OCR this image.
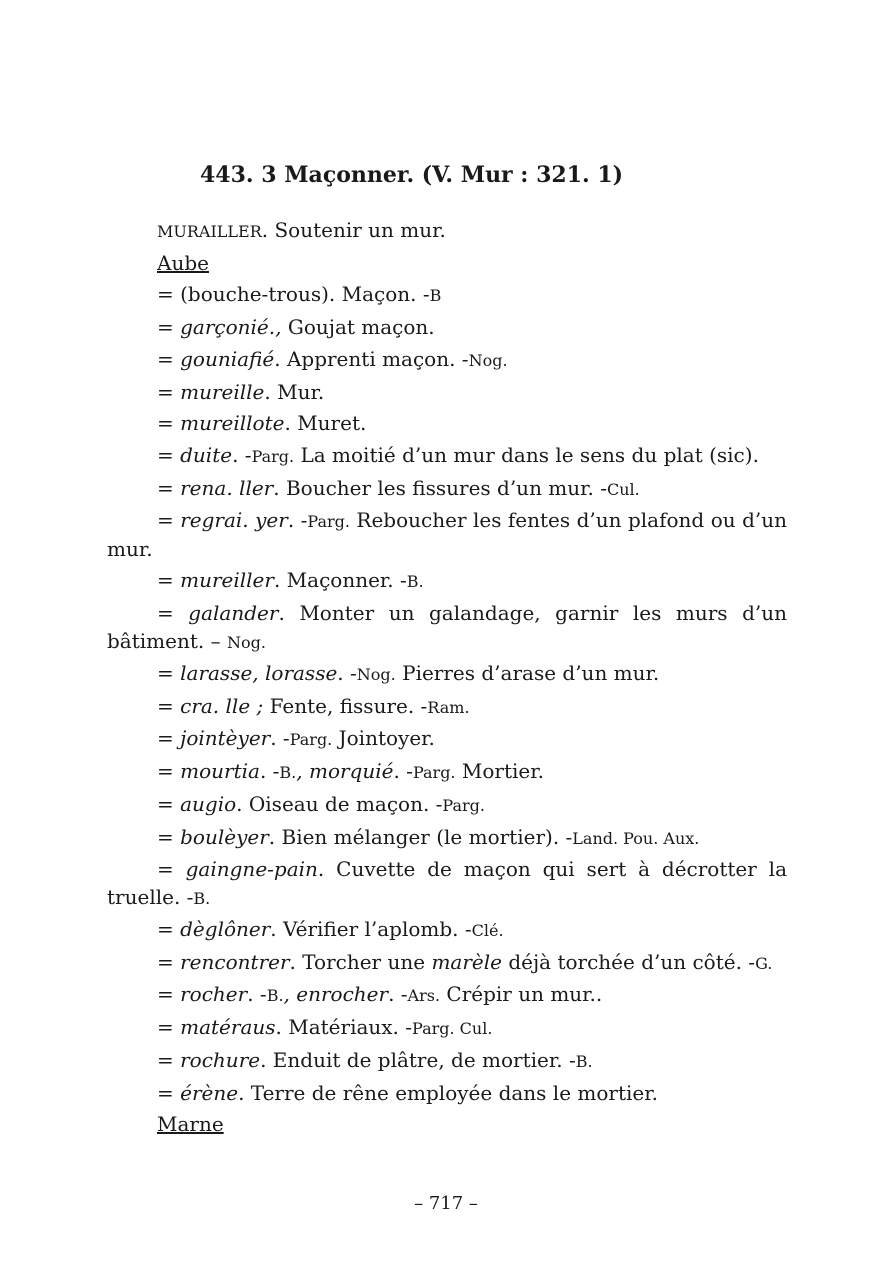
443. 3 Maçonner. (V. Mur : 321. 1)
MURAILLER. Soutenir un mur.
Aube
= (bouche-trous). Maçon. -B
= garçonié., Goujat maçon.
= gouniafié. Apprenti maçon. -Nog.
= mureille. Mur.
= mureillote. Muret.
= duite. -Parg. La moitié d’un mur dans le sens du plat (sic).
= rena. ller. Boucher les fissures d’un mur. -Cul.
= regrai. yer. -Parg. Reboucher les fentes d’un plafond ou d’un mur.
= mureiller. Maçonner. -B.
= galander. Monter un galandage, garnir les murs d’un bâtiment. – Nog.
= larasse, lorasse. -Nog. Pierres d’arase d’un mur.
= cra. lle ; Fente, fissure. -Ram.
= jointèyer. -Parg. Jointoyer.
= mourtia. -B., morquié. -Parg. Mortier.
= augio. Oiseau de maçon. -Parg.
= boulèyer. Bien mélanger (le mortier). -Land. Pou. Aux.
= gaingne-pain. Cuvette de maçon qui sert à décrotter la truelle. -B.
= dèglôner. Vérifier l’aplomb. -Clé.
= rencontrer. Torcher une marèle déjà torchée d’un côté. -G.
= rocher. -B., enrocher. -Ars. Crépir un mur..
= matéraus. Matériaux. -Parg. Cul.
= rochure. Enduit de plâtre, de mortier. -B.
= érène. Terre de rêne employée dans le mortier.
Marne
– 717 –
